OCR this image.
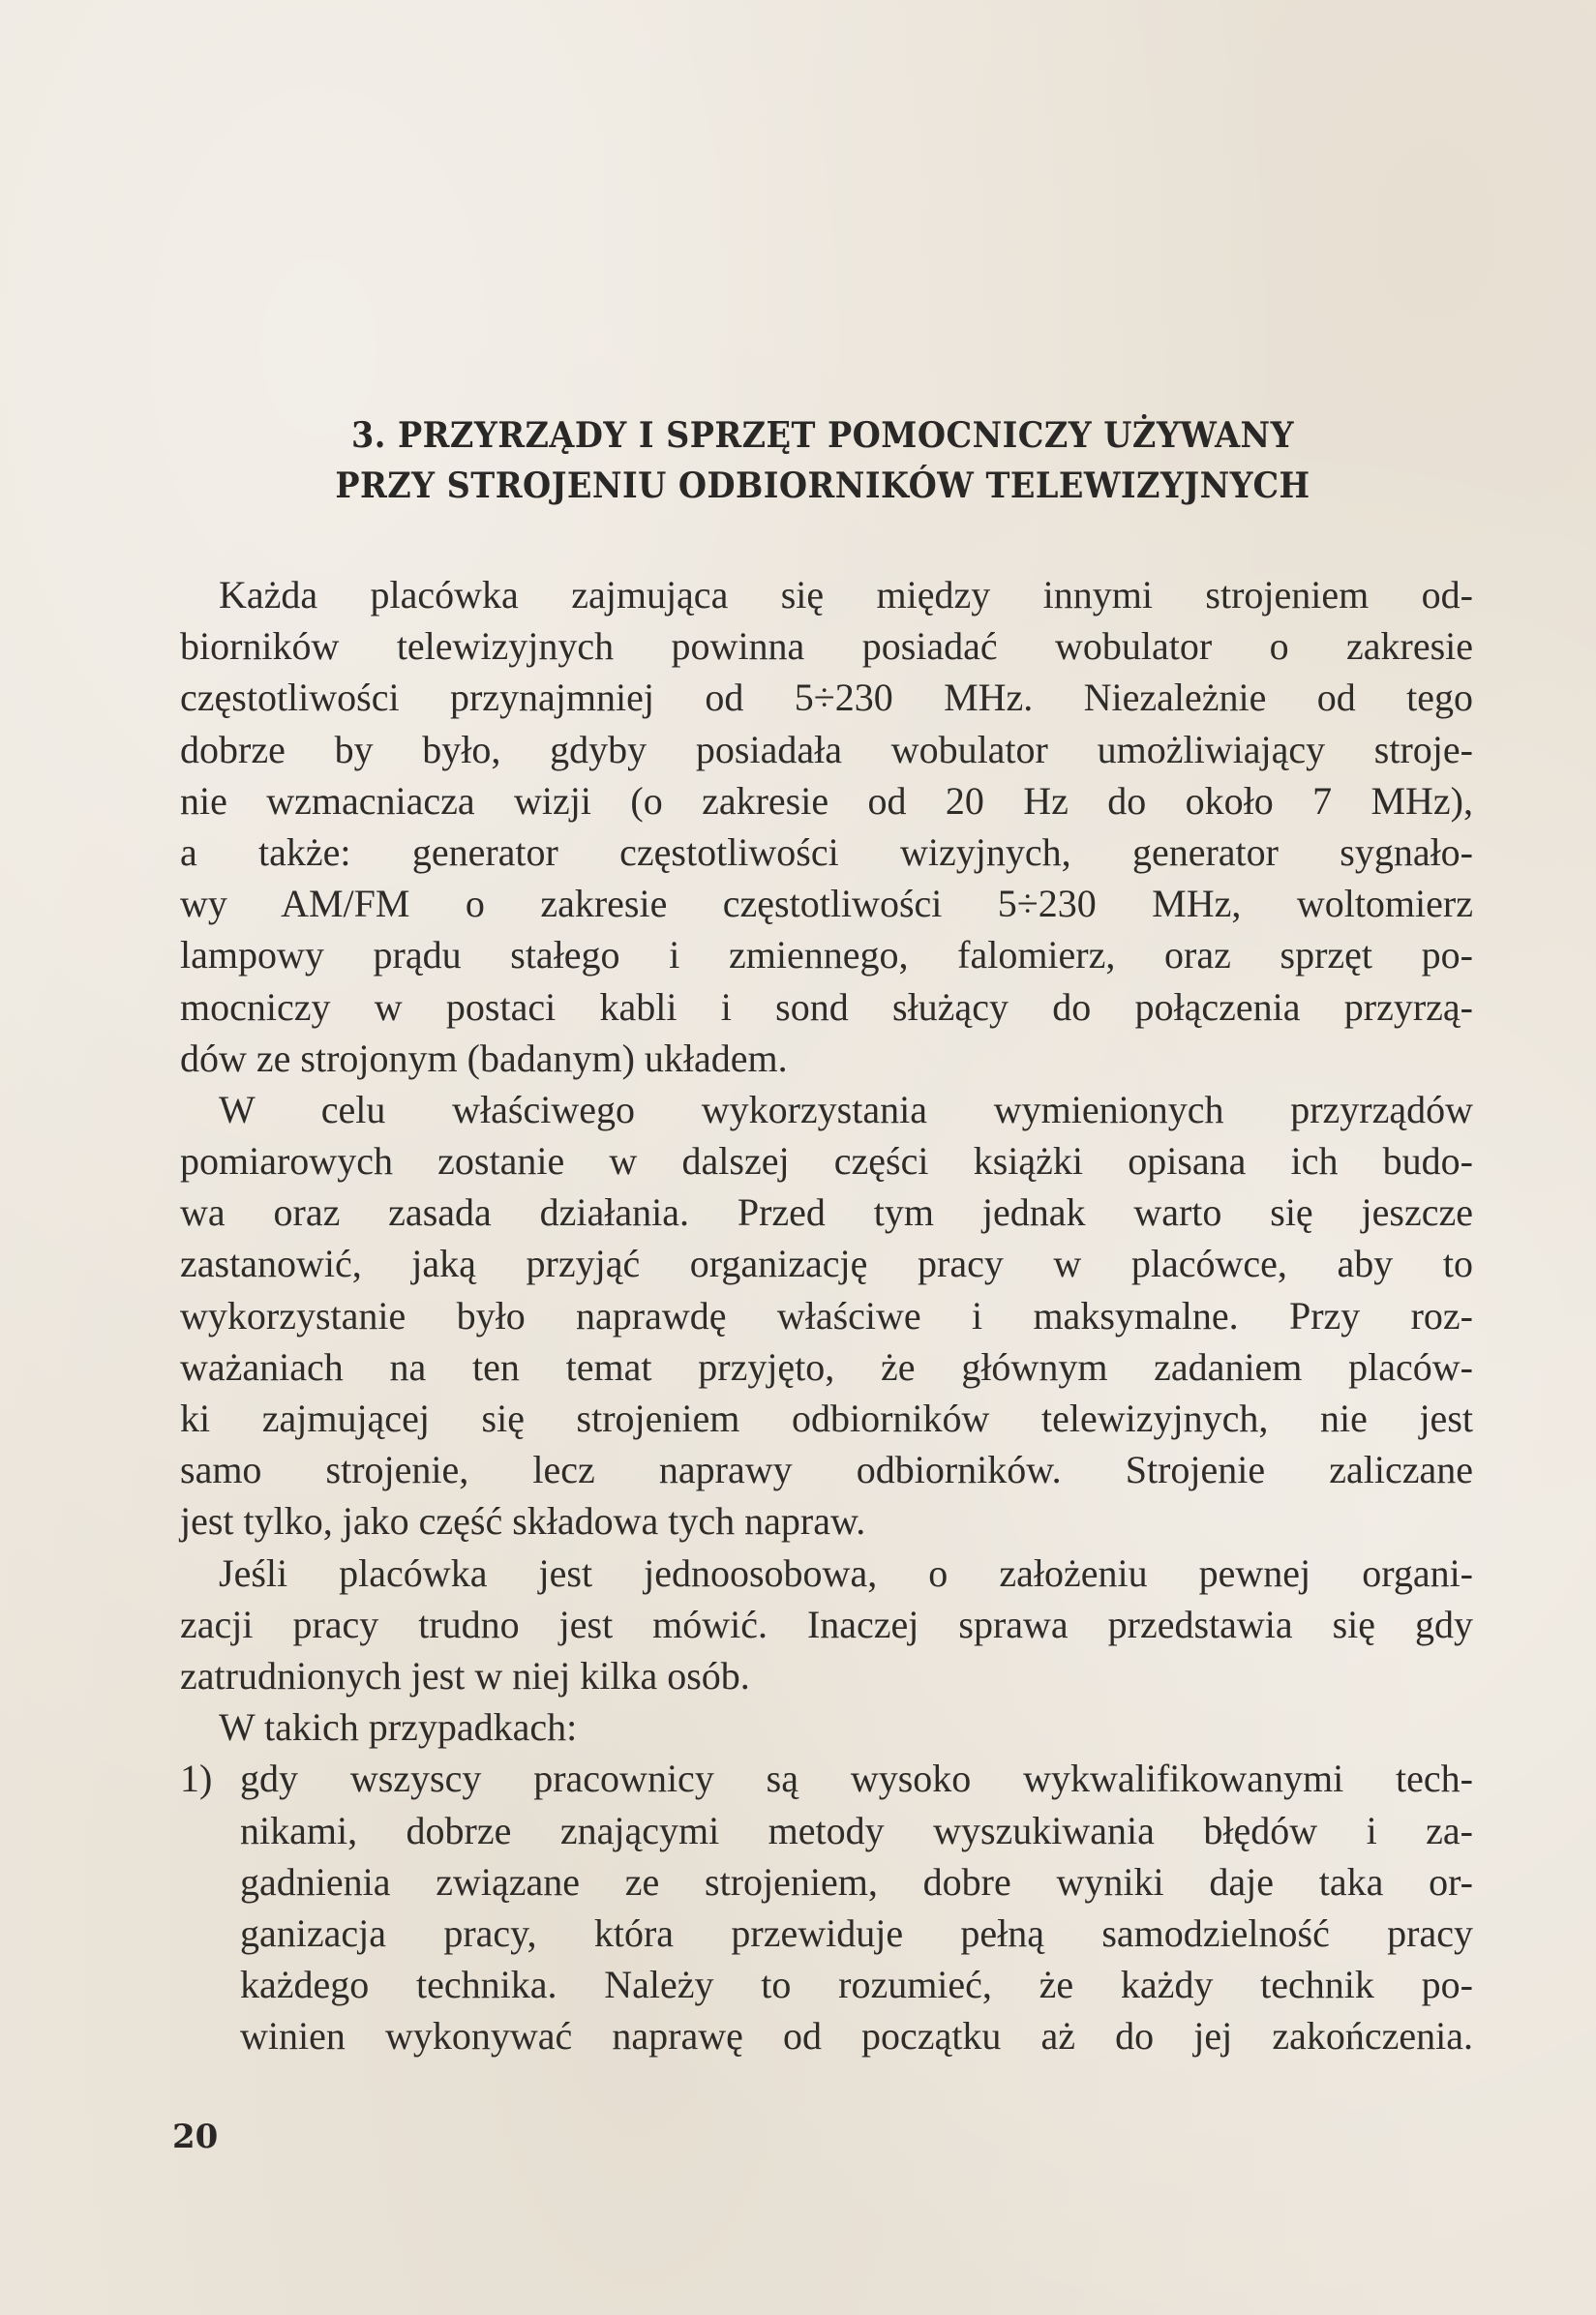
3. PRZYRZĄDY I SPRZĘT POMOCNICZY UŻYWANY
PRZY STROJENIU ODBIORNIKÓW TELEWIZYJNYCH
Każda placówka zajmująca się między innymi strojeniem od-
biorników telewizyjnych powinna posiadać wobulator o zakresie
częstotliwości przynajmniej od 5÷230 MHz. Niezależnie od tego
dobrze by było, gdyby posiadała wobulator umożliwiający stroje-
nie wzmacniacza wizji (o zakresie od 20 Hz do około 7 MHz),
a także: generator częstotliwości wizyjnych, generator sygnało-
wy AM/FM o zakresie częstotliwości 5÷230 MHz, woltomierz
lampowy prądu stałego i zmiennego, falomierz, oraz sprzęt po-
mocniczy w postaci kabli i sond służący do połączenia przyrzą-
dów ze strojonym (badanym) układem.
W celu właściwego wykorzystania wymienionych przyrządów
pomiarowych zostanie w dalszej części książki opisana ich budo-
wa oraz zasada działania. Przed tym jednak warto się jeszcze
zastanowić, jaką przyjąć organizację pracy w placówce, aby to
wykorzystanie było naprawdę właściwe i maksymalne. Przy roz-
ważaniach na ten temat przyjęto, że głównym zadaniem placów-
ki zajmującej się strojeniem odbiorników telewizyjnych, nie jest
samo strojenie, lecz naprawy odbiorników. Strojenie zaliczane
jest tylko, jako część składowa tych napraw.
Jeśli placówka jest jednoosobowa, o założeniu pewnej organi-
zacji pracy trudno jest mówić. Inaczej sprawa przedstawia się gdy
zatrudnionych jest w niej kilka osób.
W takich przypadkach:
1) gdy wszyscy pracownicy są wysoko wykwalifikowanymi tech-
nikami, dobrze znającymi metody wyszukiwania błędów i za-
gadnienia związane ze strojeniem, dobre wyniki daje taka or-
ganizacja pracy, która przewiduje pełną samodzielność pracy
każdego technika. Należy to rozumieć, że każdy technik po-
winien wykonywać naprawę od początku aż do jej zakończenia.
20
